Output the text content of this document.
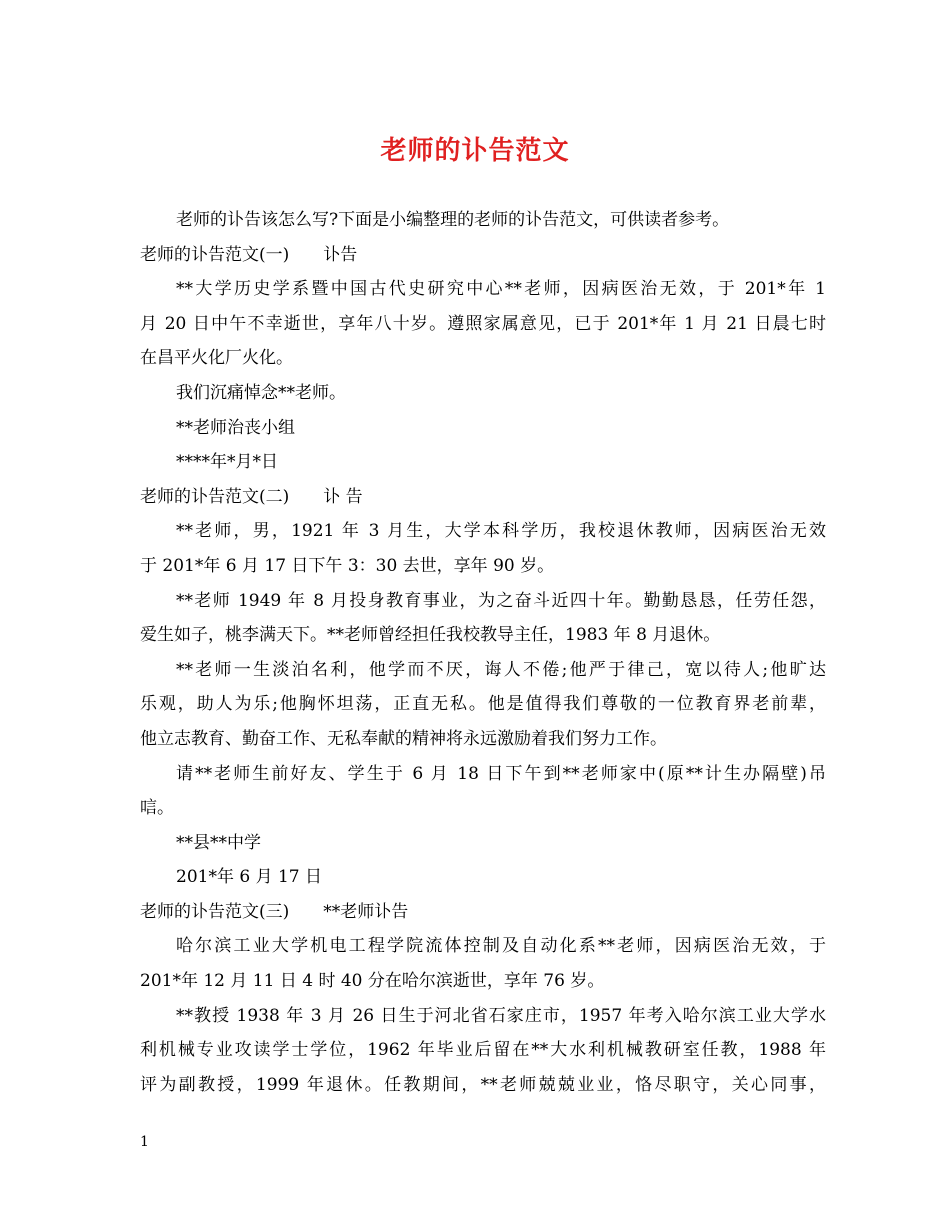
老师的讣告范文
老师的讣告该怎么写?下面是小编整理的老师的讣告范文，可供读者参考。
老师的讣告范文(一)　　讣告
**大学历史学系暨中国古代史研究中心**老师，因病医治无效，于 201*年 1
月 20 日中午不幸逝世，享年八十岁。遵照家属意见，已于 201*年 1 月 21 日晨七时
在昌平火化厂火化。
我们沉痛悼念**老师。
**老师治丧小组
****年*月*日
老师的讣告范文(二)　　讣 告
**老师，男，1921 年 3 月生，大学本科学历，我校退休教师，因病医治无效
于 201*年 6 月 17 日下午 3：30 去世，享年 90 岁。
**老师 1949 年 8 月投身教育事业，为之奋斗近四十年。勤勤恳恳，任劳任怨，
爱生如子，桃李满天下。**老师曾经担任我校教导主任，1983 年 8 月退休。
**老师一生淡泊名利，他学而不厌，诲人不倦;他严于律己，宽以待人;他旷达
乐观，助人为乐;他胸怀坦荡，正直无私。他是值得我们尊敬的一位教育界老前辈，
他立志教育、勤奋工作、无私奉献的精神将永远激励着我们努力工作。
请**老师生前好友、学生于 6 月 18 日下午到**老师家中(原**计生办隔壁)吊
唁。
**县**中学
201*年 6 月 17 日
老师的讣告范文(三)　　**老师讣告
哈尔滨工业大学机电工程学院流体控制及自动化系**老师，因病医治无效，于
201*年 12 月 11 日 4 时 40 分在哈尔滨逝世，享年 76 岁。
**教授 1938 年 3 月 26 日生于河北省石家庄市，1957 年考入哈尔滨工业大学水
利机械专业攻读学士学位，1962 年毕业后留在**大水利机械教研室任教，1988 年
评为副教授，1999 年退休。任教期间，**老师兢兢业业，恪尽职守，关心同事，
1
